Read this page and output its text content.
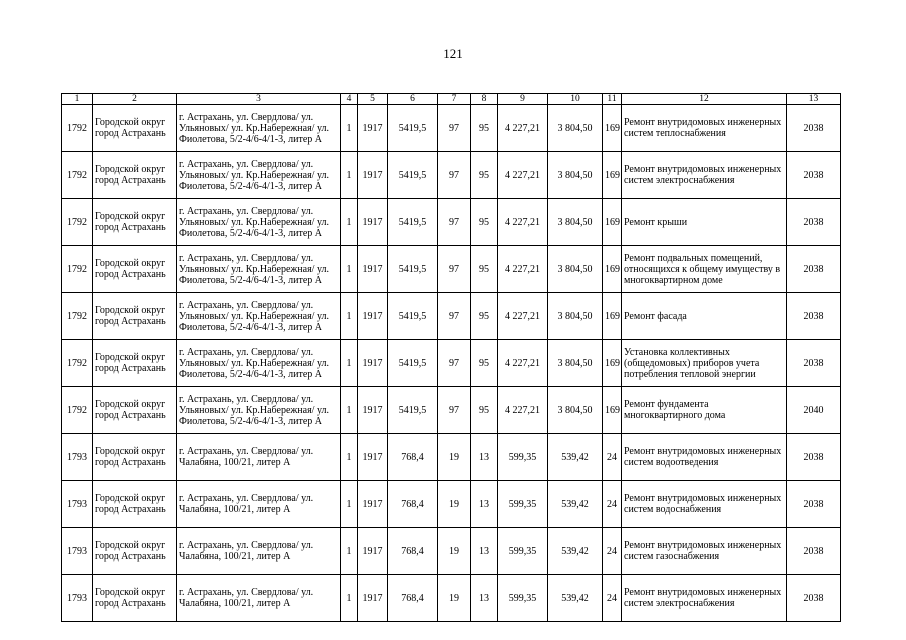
121
1	2	3	4	5	6	7	8	9	10	11	12	13
1792	Городской округ город Астрахань	г. Астрахань, ул. Свердлова/ ул. Ульяновых/ ул. Кр.Набережная/ ул. Фиолетова, 5/2-4/6-4/1-3, литер А	1	1917	5419,5	97	95	4 227,21	3 804,50	169	Ремонт внутридомовых инженерных систем теплоснабжения	2038
1792	Городской округ город Астрахань	г. Астрахань, ул. Свердлова/ ул. Ульяновых/ ул. Кр.Набережная/ ул. Фиолетова, 5/2-4/6-4/1-3, литер А	1	1917	5419,5	97	95	4 227,21	3 804,50	169	Ремонт внутридомовых инженерных систем электроснабжения	2038
1792	Городской округ город Астрахань	г. Астрахань, ул. Свердлова/ ул. Ульяновых/ ул. Кр.Набережная/ ул. Фиолетова, 5/2-4/6-4/1-3, литер А	1	1917	5419,5	97	95	4 227,21	3 804,50	169	Ремонт крыши	2038
1792	Городской округ город Астрахань	г. Астрахань, ул. Свердлова/ ул. Ульяновых/ ул. Кр.Набережная/ ул. Фиолетова, 5/2-4/6-4/1-3, литер А	1	1917	5419,5	97	95	4 227,21	3 804,50	169	Ремонт подвальных помещений, относящихся к общему имуществу в многоквартирном доме	2038
1792	Городской округ город Астрахань	г. Астрахань, ул. Свердлова/ ул. Ульяновых/ ул. Кр.Набережная/ ул. Фиолетова, 5/2-4/6-4/1-3, литер А	1	1917	5419,5	97	95	4 227,21	3 804,50	169	Ремонт фасада	2038
1792	Городской округ город Астрахань	г. Астрахань, ул. Свердлова/ ул. Ульяновых/ ул. Кр.Набережная/ ул. Фиолетова, 5/2-4/6-4/1-3, литер А	1	1917	5419,5	97	95	4 227,21	3 804,50	169	Установка коллективных (общедомовых) приборов учета потребления тепловой энергии	2038
1792	Городской округ город Астрахань	г. Астрахань, ул. Свердлова/ ул. Ульяновых/ ул. Кр.Набережная/ ул. Фиолетова, 5/2-4/6-4/1-3, литер А	1	1917	5419,5	97	95	4 227,21	3 804,50	169	Ремонт фундамента многоквартирного дома	2040
1793	Городской округ город Астрахань	г. Астрахань, ул. Свердлова/ ул. Чалабяна, 100/21, литер А	1	1917	768,4	19	13	599,35	539,42	24	Ремонт внутридомовых инженерных систем водоотведения	2038
1793	Городской округ город Астрахань	г. Астрахань, ул. Свердлова/ ул. Чалабяна, 100/21, литер А	1	1917	768,4	19	13	599,35	539,42	24	Ремонт внутридомовых инженерных систем водоснабжения	2038
1793	Городской округ город Астрахань	г. Астрахань, ул. Свердлова/ ул. Чалабяна, 100/21, литер А	1	1917	768,4	19	13	599,35	539,42	24	Ремонт внутридомовых инженерных систем газоснабжения	2038
1793	Городской округ город Астрахань	г. Астрахань, ул. Свердлова/ ул. Чалабяна, 100/21, литер А	1	1917	768,4	19	13	599,35	539,42	24	Ремонт внутридомовых инженерных систем электроснабжения	2038
